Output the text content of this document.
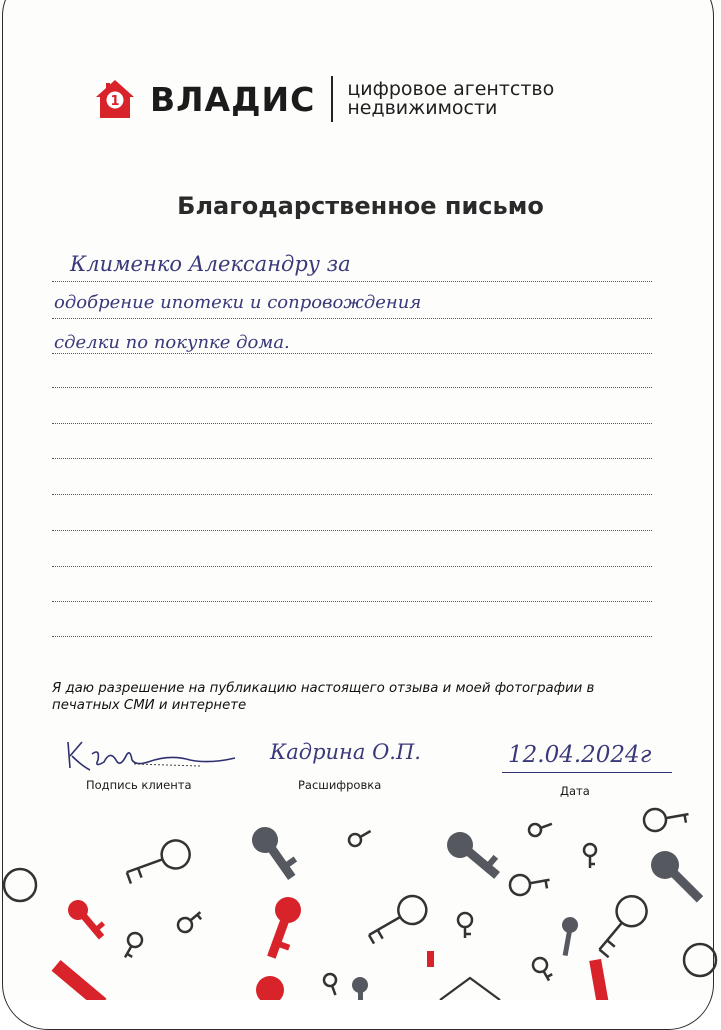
1 ВЛАДИС цифровое агентство
недвижимости
Благодарственное письмо
Клименко Александру за
одобрение ипотеки и сопровождения
сделки по покупке дома.
Я даю разрешение на публикацию настоящего отзыва и моей фотографии в печатных СМИ и интернете
Подпись клиента
Кадрина О.П.
Расшифровка
12.04.2024г
Дата
